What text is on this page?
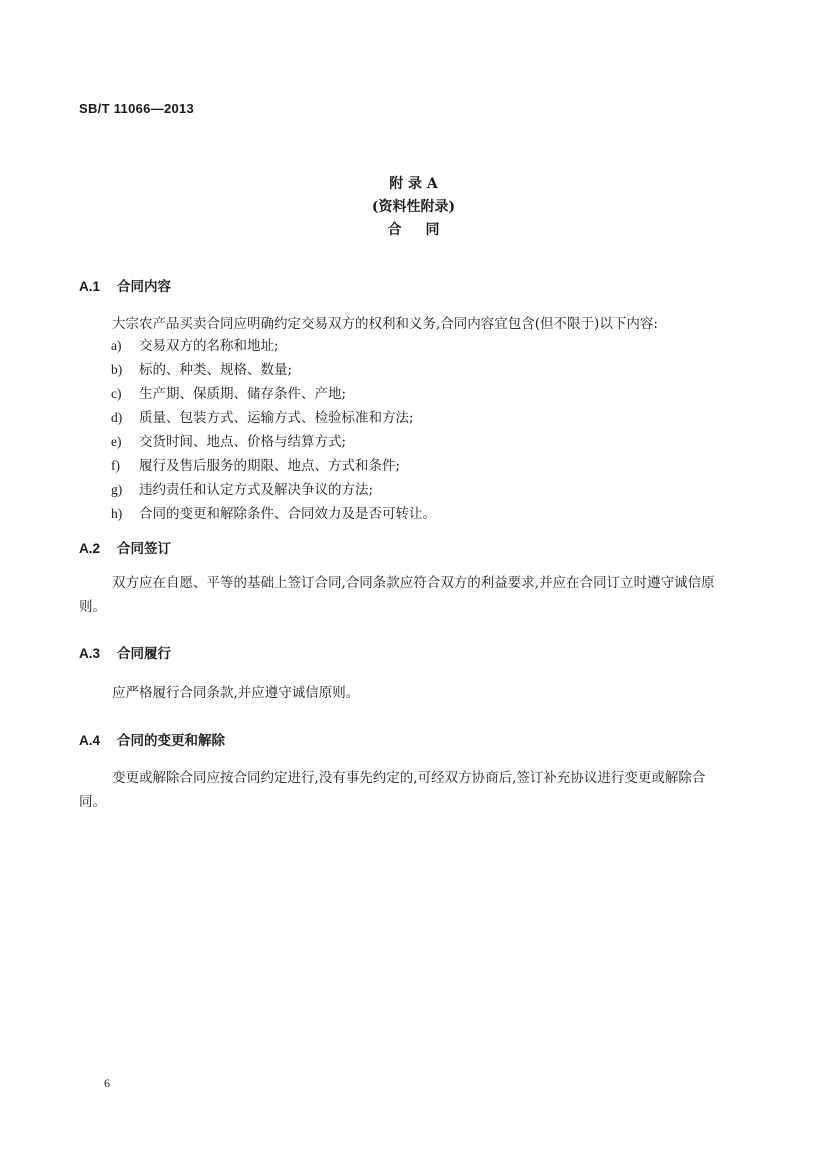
SB/T 11066—2013
附 录 A
(资料性附录)
合同
A.1 合同内容
大宗农产品买卖合同应明确约定交易双方的权利和义务,合同内容宜包含(但不限于)以下内容:
a) 交易双方的名称和地址;
b) 标的、种类、规格、数量;
c) 生产期、保质期、储存条件、产地;
d) 质量、包装方式、运输方式、检验标准和方法;
e) 交货时间、地点、价格与结算方式;
f) 履行及售后服务的期限、地点、方式和条件;
g) 违约责任和认定方式及解决争议的方法;
h) 合同的变更和解除条件、合同效力及是否可转让。
A.2 合同签订
双方应在自愿、平等的基础上签订合同,合同条款应符合双方的利益要求,并应在合同订立时遵守诚信原则。
A.3 合同履行
应严格履行合同条款,并应遵守诚信原则。
A.4 合同的变更和解除
变更或解除合同应按合同约定进行,没有事先约定的,可经双方协商后,签订补充协议进行变更或解除合同。
6
